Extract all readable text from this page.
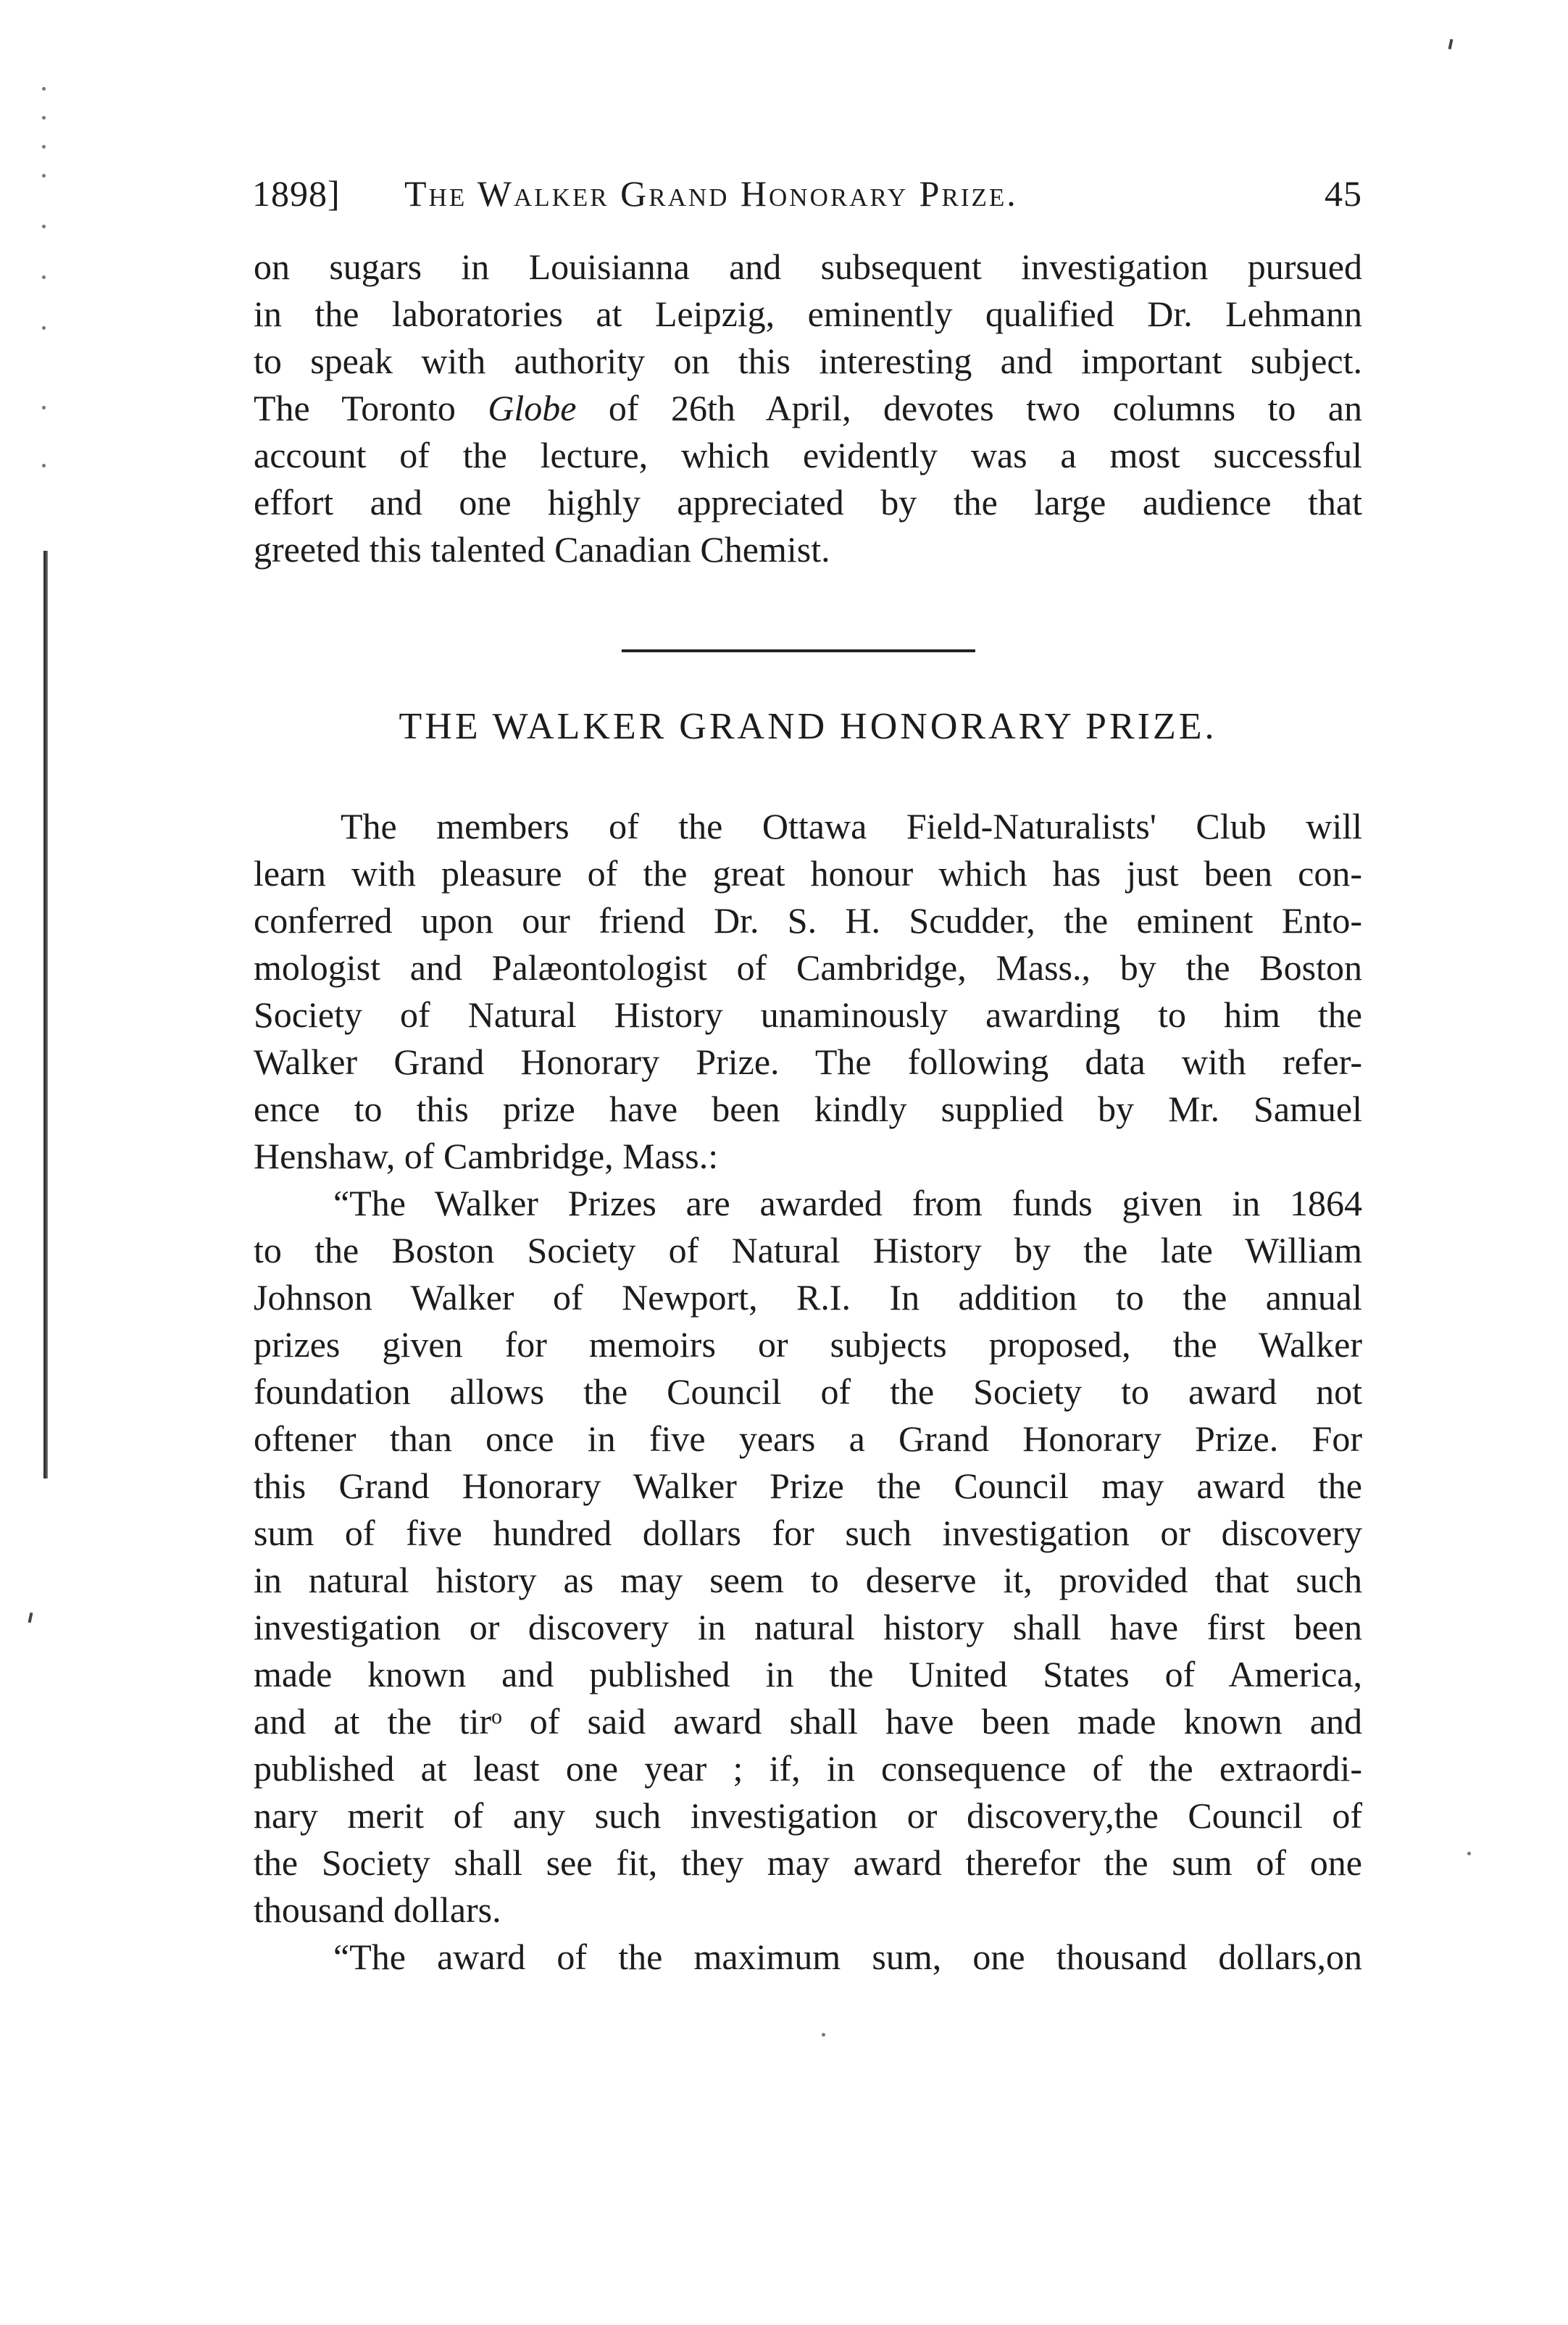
1898] The Walker Grand Honorary Prize.	45
on sugars in Louisianna and subsequent investigation pursued
in the laboratories at Leipzig, eminently qualified Dr. Lehmann
to speak with authority on this interesting and important subject.
The Toronto Globe of 26th April, devotes two columns to an
account of the lecture, which evidently was a most successful
effort and one highly appreciated by the large audience that
greeted this talented Canadian Chemist.
THE WALKER GRAND HONORARY PRIZE.
The members of the Ottawa Field-Naturalists' Club will
learn with pleasure of the great honour which has just been con-
conferred upon our friend Dr. S. H. Scudder, the eminent Ento-
mologist and Palæontologist of Cambridge, Mass., by the Boston
Society of Natural History unaminously awarding to him the
Walker Grand Honorary Prize. The following data with refer-
ence to this prize have been kindly supplied by Mr. Samuel
Henshaw, of Cambridge, Mass.:
“The Walker Prizes are awarded from funds given in 1864
to the Boston Society of Natural History by the late William
Johnson Walker of Newport, R.I. In addition to the annual
prizes given for memoirs or subjects proposed, the Walker
foundation allows the Council of the Society to award not
oftener than once in five years a Grand Honorary Prize. For
this Grand Honorary Walker Prize the Council may award the
sum of five hundred dollars for such investigation or discovery
in natural history as may seem to deserve it, provided that such
investigation or discovery in natural history shall have first been
made known and published in the United States of America,
and at the tirᵒ of said award shall have been made known and
published at least one year ; if, in consequence of the extraordi-
nary merit of any such investigation or discovery,the Council of
the Society shall see fit, they may award therefor the sum of one
thousand dollars.
“The award of the maximum sum, one thousand dollars,on
